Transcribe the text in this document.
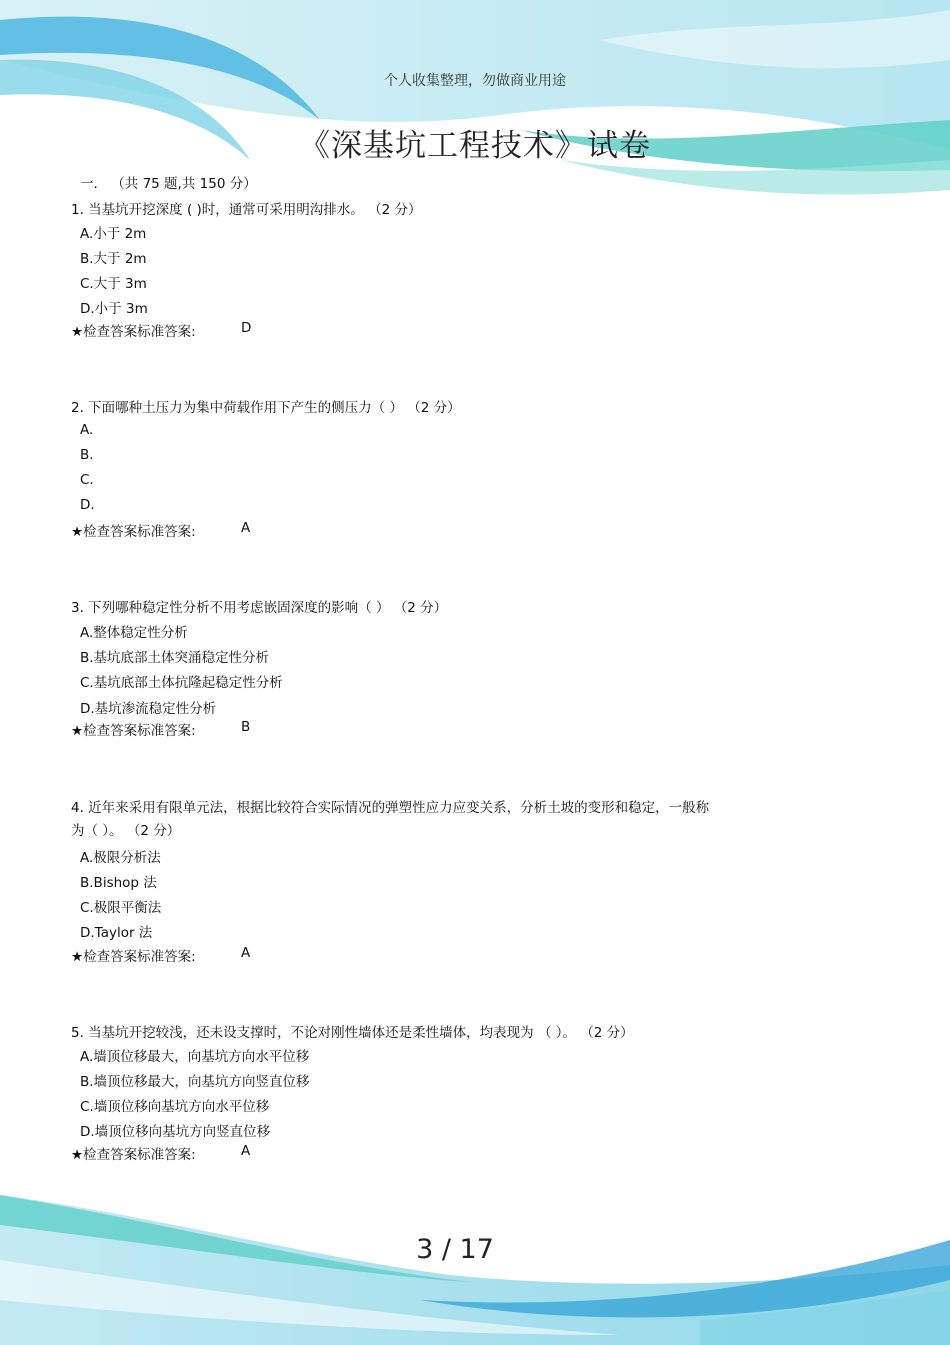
个人收集整理，勿做商业用途
《深基坑工程技术》试卷
一． （共 75 题,共 150 分）
1. 当基坑开挖深度 ( )时，通常可采用明沟排水。 （2 分）
A.小于 2m
B.大于 2m
C.大于 3m
D.小于 3m
★检查答案标准答案:	D
2. 下面哪种土压力为集中荷载作用下产生的侧压力（ ） （2 分）
A.
B.
C.
D.
★检查答案标准答案:	A
3. 下列哪种稳定性分析不用考虑嵌固深度的影响（ ） （2 分）
A.整体稳定性分析
B.基坑底部土体突涌稳定性分析
C.基坑底部土体抗隆起稳定性分析
D.基坑渗流稳定性分析
★检查答案标准答案:	B
4. 近年来采用有限单元法，根据比较符合实际情况的弹塑性应力应变关系，分析土坡的变形和稳定，一般称
为（ ）。 （2 分）
A.极限分析法
B.Bishop 法
C.极限平衡法
D.Taylor 法
★检查答案标准答案:	A
5. 当基坑开挖较浅，还未设支撑时，不论对刚性墙体还是柔性墙体，均表现为 （ ）。 （2 分）
A.墙顶位移最大，向基坑方向水平位移
B.墙顶位移最大，向基坑方向竖直位移
C.墙顶位移向基坑方向水平位移
D.墙顶位移向基坑方向竖直位移
★检查答案标准答案:	A
3 / 17
